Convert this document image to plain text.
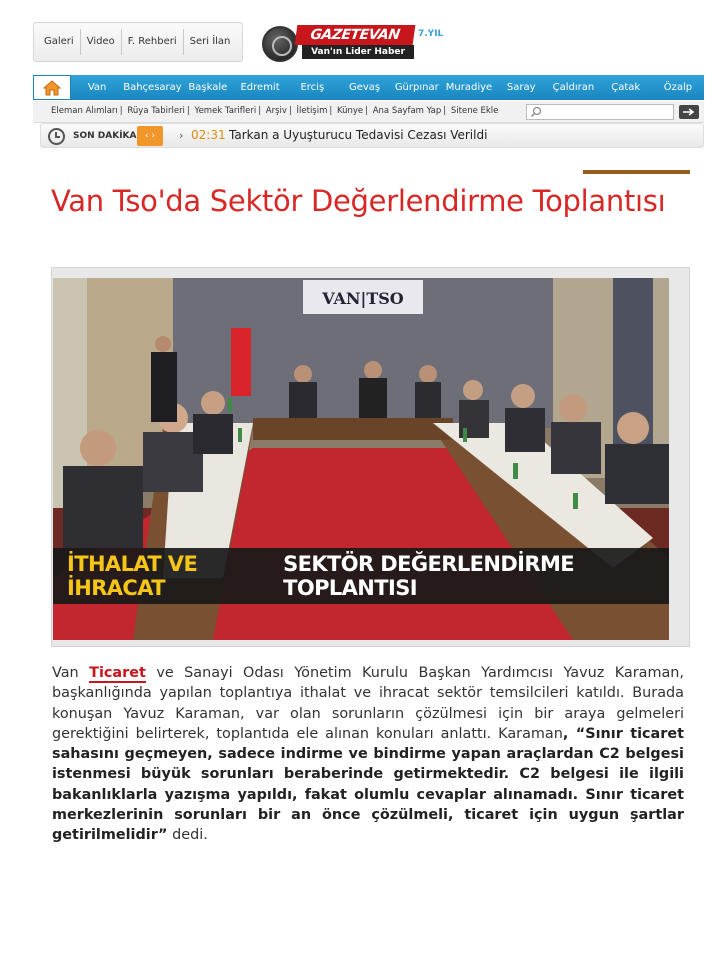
Galeri	Video	F. Rehberi	Seri İlan	GAZETEVAN	7.YIL
Van'ın Lider Haber Sitesi
Van	Bahçesaray Başkale	Edremit	Erciş	Gevaş	Gürpınar Muradiye	Saray	Çaldıran	Çatak	Özalp
Eleman Alımları | Rüya Tabirleri | Yemek Tarifleri | Arşiv | İletişim | Künye | Ana Sayfam Yap | Sitene Ekle
SON DAKİKA ‹ ›	› 02:31 Tarkan a Uyuşturucu Tedavisi Cezası Verildi
Van Tso'da Sektör Değerlendirme Toplantısı
VAN|TSO
İTHALAT VE İHRACAT
SEKTÖR DEĞERLENDİRME TOPLANTISI
Van Ticaret ve Sanayi Odası Yönetim Kurulu Başkan Yardımcısı Yavuz Karaman, başkanlığında yapılan toplantıya ithalat ve ihracat sektör temsilcileri katıldı. Burada konuşan Yavuz Karaman, var olan sorunların çözülmesi için bir araya gelmeleri gerektiğini belirterek, toplantıda ele alınan konuları anlattı. Karaman, “Sınır ticaret sahasını geçmeyen, sadece indirme ve bindirme yapan araçlardan C2 belgesi istenmesi büyük sorunları beraberinde getirmektedir. C2 belgesi ile ilgili bakanlıklarla yazışma yapıldı, fakat olumlu cevaplar alınamadı. Sınır ticaret merkezlerinin sorunları bir an önce çözülmeli, ticaret için uygun şartlar getirilmelidir” dedi.
